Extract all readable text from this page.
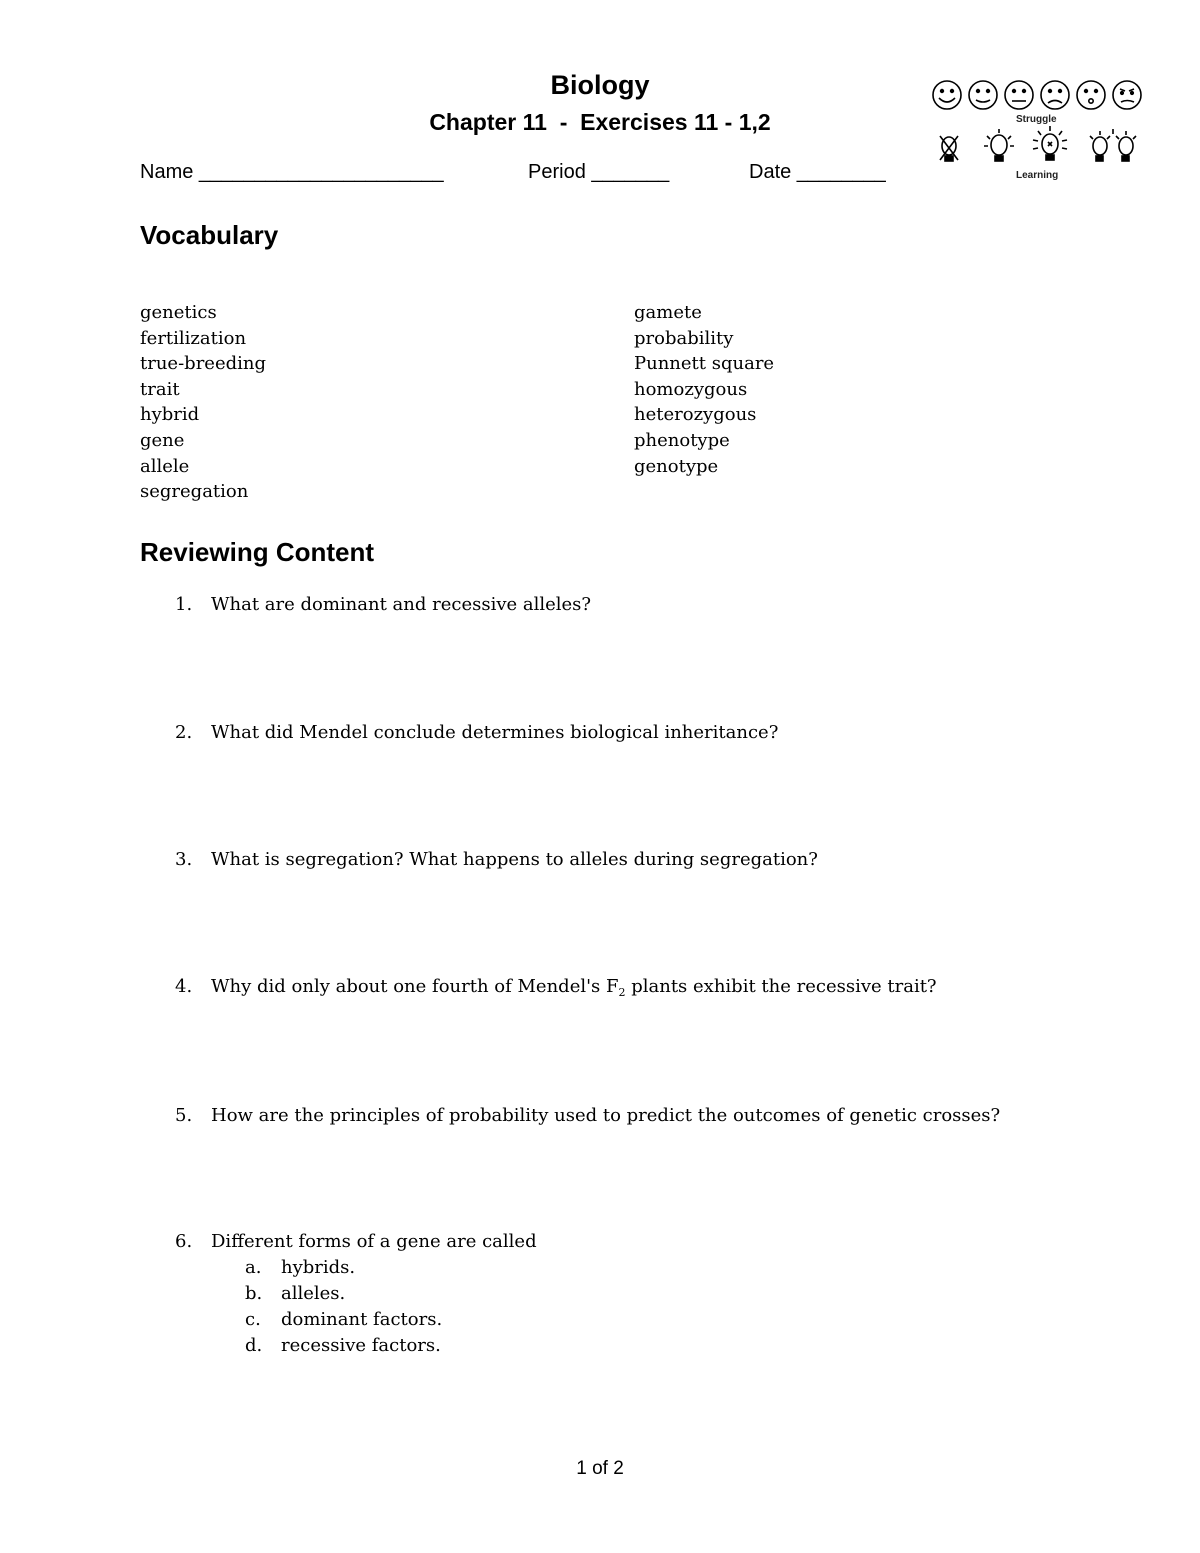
Biology
Chapter 11  -  Exercises 11 - 1,2
Name ______________________	Period _______	Date ________
Struggle
Learning
Vocabulary
genetics
fertilization
true-breeding
trait
hybrid
gene
allele
segregation
gamete
probability
Punnett square
homozygous
heterozygous
phenotype
genotype
Reviewing Content
1. What are dominant and recessive alleles?
2. What did Mendel conclude determines biological inheritance?
3. What is segregation? What happens to alleles during segregation?
4. Why did only about one fourth of Mendel's $F_2$ plants exhibit the recessive trait?
5. How are the principles of probability used to predict the outcomes of genetic crosses?
6. Different forms of a gene are called
a. hybrids.
b. alleles.
c. dominant factors.
d. recessive factors.
1 of 2
